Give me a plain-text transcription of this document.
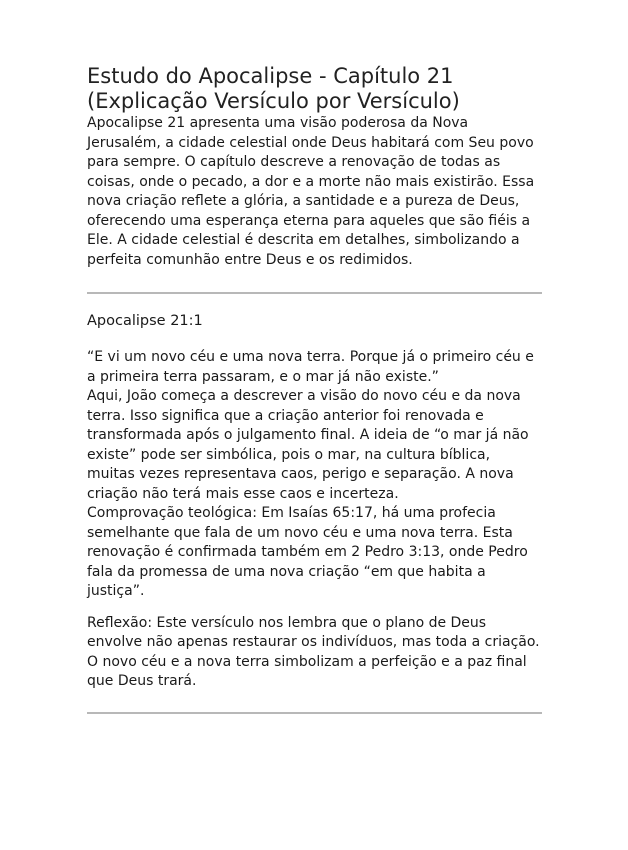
Estudo do Apocalipse - Capítulo 21
(Explicação Versículo por Versículo)

Apocalipse 21 apresenta uma visão poderosa da Nova Jerusalém, a cidade celestial onde Deus habitará com Seu povo para sempre. O capítulo descreve a renovação de todas as coisas, onde o pecado, a dor e a morte não mais existirão. Essa nova criação reflete a glória, a santidade e a pureza de Deus, oferecendo uma esperança eterna para aqueles que são fiéis a Ele. A cidade celestial é descrita em detalhes, simbolizando a perfeita comunhão entre Deus e os redimidos.

Apocalipse 21:1

“E vi um novo céu e uma nova terra. Porque já o primeiro céu e a primeira terra passaram, e o mar já não existe.”

Aqui, João começa a descrever a visão do novo céu e da nova terra. Isso significa que a criação anterior foi renovada e transformada após o julgamento final. A ideia de “o mar já não existe” pode ser simbólica, pois o mar, na cultura bíblica, muitas vezes representava caos, perigo e separação. A nova criação não terá mais esse caos e incerteza.

Comprovação teológica: Em Isaías 65:17, há uma profecia semelhante que fala de um novo céu e uma nova terra. Esta renovação é confirmada também em 2 Pedro 3:13, onde Pedro fala da promessa de uma nova criação “em que habita a justiça”.

Reflexão: Este versículo nos lembra que o plano de Deus envolve não apenas restaurar os indivíduos, mas toda a criação. O novo céu e a nova terra simbolizam a perfeição e a paz final que Deus trará.
